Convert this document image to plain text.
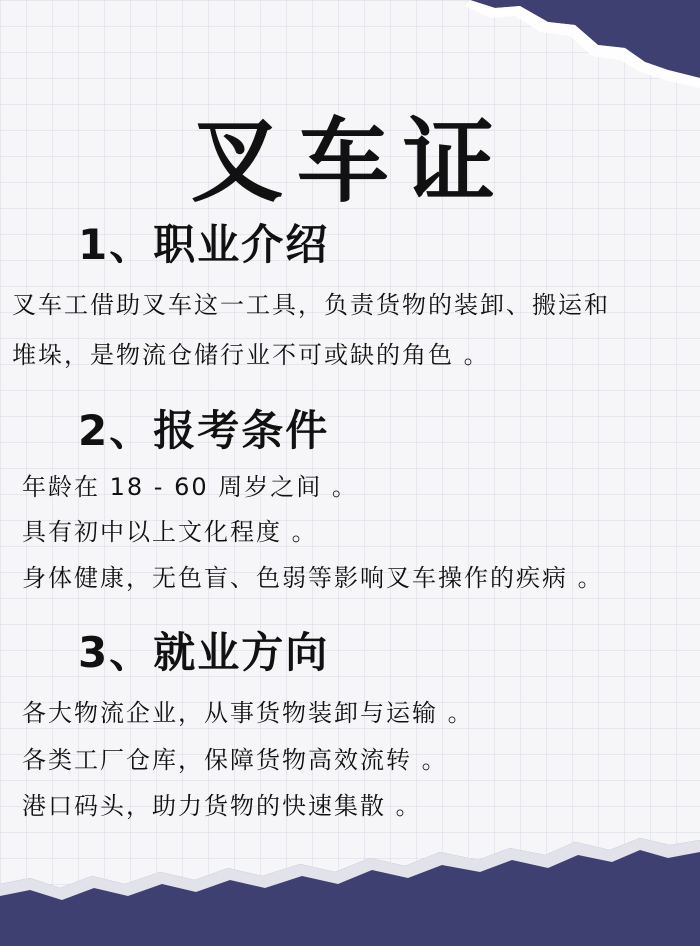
叉车证
1、职业介绍
叉车工借助叉车这一工具，负责货物的装卸、搬运和
堆垛，是物流仓储行业不可或缺的角色 。
2、报考条件
年龄在 18 - 60 周岁之间 。
具有初中以上文化程度 。
身体健康，无色盲、色弱等影响叉车操作的疾病 。
3、就业方向
各大物流企业，从事货物装卸与运输 。
各类工厂仓库，保障货物高效流转 。
港口码头，助力货物的快速集散 。
